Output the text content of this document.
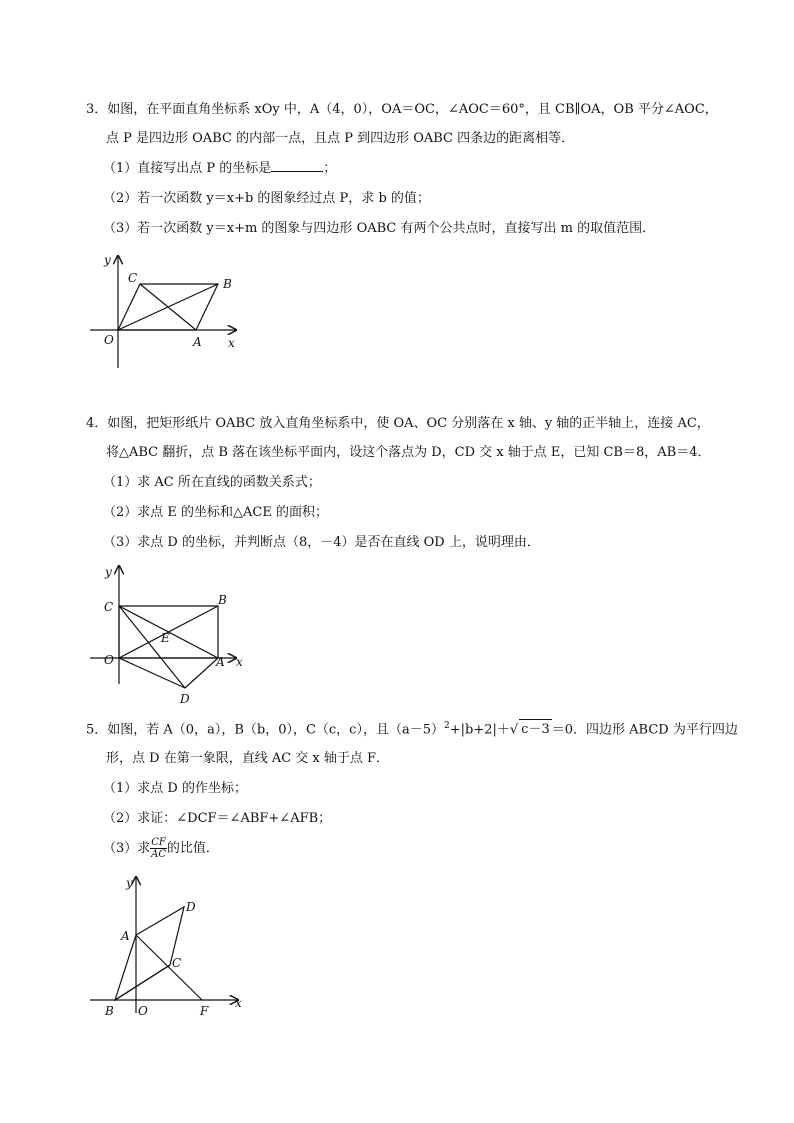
3．如图，在平面直角坐标系 xOy 中，A（4，0），OA＝OC，∠AOC＝60°，且 CB∥OA，OB 平分∠AOC，

点 P 是四边形 OABC 的内部一点，且点 P 到四边形 OABC 四条边的距离相等．

（1）直接写出点 P 的坐标是	；

（2）若一次函数 y＝x+b 的图象经过点 P，求 b 的值；

（3）若一次函数 y＝x+m 的图象与四边形 OABC 有两个公共点时，直接写出 m 的取值范围．

y
x
O	A
B
C

4．如图，把矩形纸片 OABC 放入直角坐标系中，使 OA、OC 分别落在 x 轴、y 轴的正半轴上，连接 AC，

将△ABC 翻折，点 B 落在该坐标平面内，设这个落点为 D，CD 交 x 轴于点 E，已知 CB＝8，AB＝4．

（1）求 AC 所在直线的函数关系式；

（2）求点 E 的坐标和△ACE 的面积；

（3）求点 D 的坐标，并判断点（8，－4）是否在直线 OD 上，说明理由．

y
x
O	A
B
C
D
E

5．如图，若 A（0，a），B（b，0），C（c，c），且$(a-5)^2+|b+2|+√$ c－3 ＝0．四边形 ABCD 为平行四边

形，点 D 在第一象限，直线 AC 交 x 轴于点 F．

（1）求点 D 的作坐标；

（2）求证：∠DCF＝∠ABF+∠AFB；

（3）求 $\frac{CF}{AC}$ 的比值．

y
x
O
A
B
C
D
F
